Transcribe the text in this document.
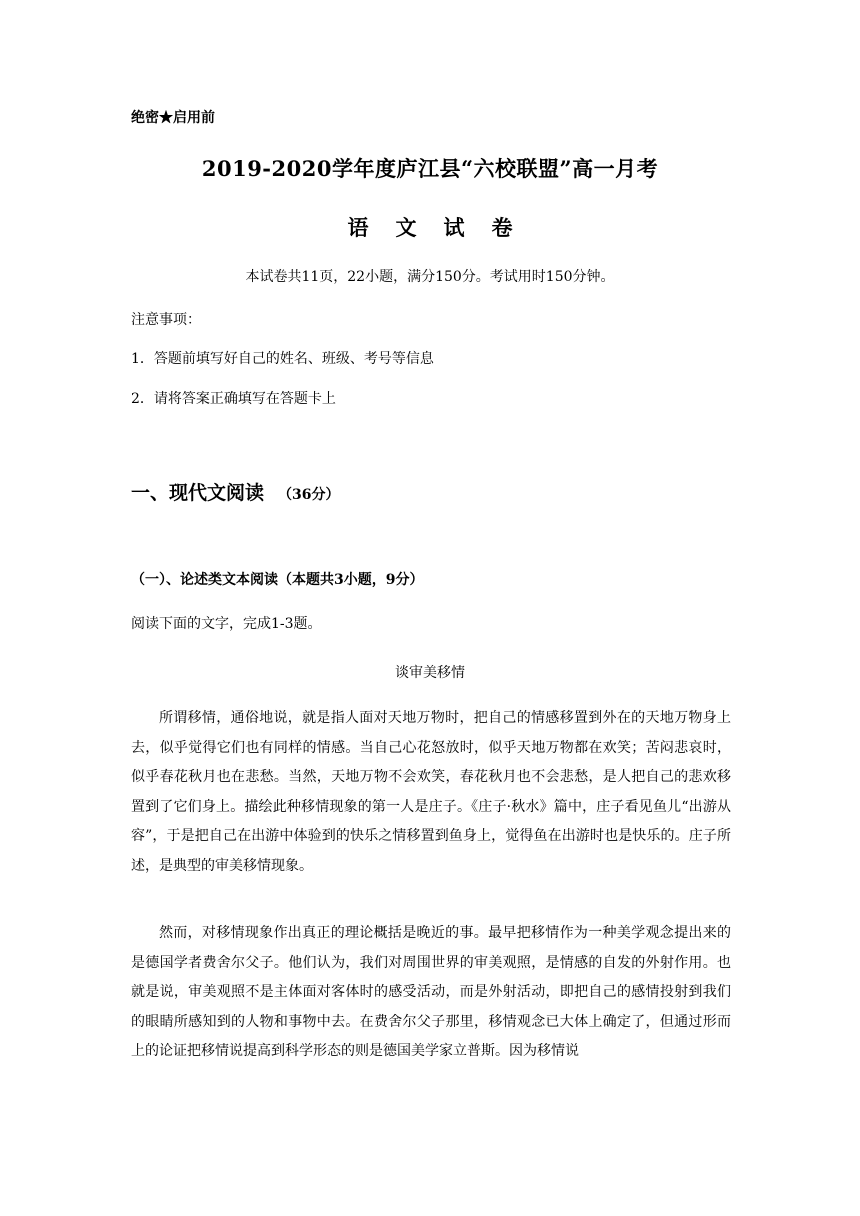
绝密★启用前
2019-2020学年度庐江县“六校联盟”高一月考
语文试卷
本试卷共11页，22小题，满分150分。考试用时150分钟。
注意事项：
1．答题前填写好自己的姓名、班级、考号等信息
2．请将答案正确填写在答题卡上
一、现代文阅读 （36分）
（一）、论述类文本阅读（本题共3小题，9分）
阅读下面的文字，完成1-3题。
谈审美移情

所谓移情，通俗地说，就是指人面对天地万物时，把自己的情感移置到外在的天地万物身上去，似乎觉得它们也有同样的情感。当自己心花怒放时，似乎天地万物都在欢笑；苦闷悲哀时，似乎春花秋月也在悲愁。当然，天地万物不会欢笑，春花秋月也不会悲愁，是人把自己的悲欢移置到了它们身上。描绘此种移情现象的第一人是庄子。《庄子·秋水》篇中，庄子看见鱼儿“出游从容”，于是把自己在出游中体验到的快乐之情移置到鱼身上，觉得鱼在出游时也是快乐的。庄子所述，是典型的审美移情现象。

然而，对移情现象作出真正的理论概括是晚近的事。最早把移情作为一种美学观念提出来的是德国学者费舍尔父子。他们认为，我们对周围世界的审美观照，是情感的自发的外射作用。也就是说，审美观照不是主体面对客体时的感受活动，而是外射活动，即把自己的感情投射到我们的眼睛所感知到的人物和事物中去。在费舍尔父子那里，移情观念已大体上确定了，但通过形而上的论证把移情说提高到科学形态的则是德国美学家立普斯。因为移情说
